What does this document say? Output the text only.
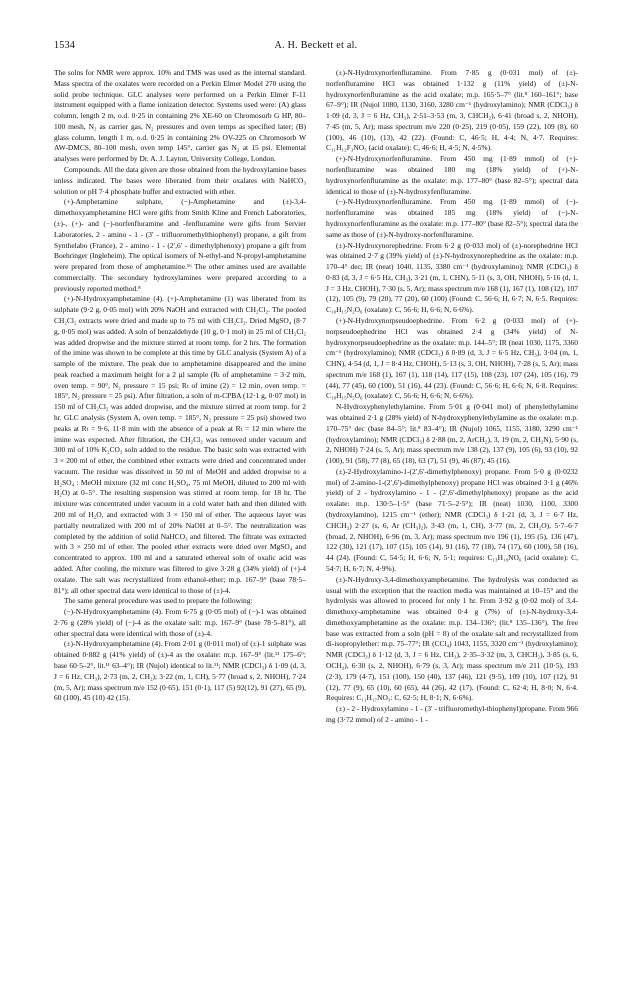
1534	A. H. Beckett et al.

The solns for NMR were approx. 10% and TMS was used as the internal standard. Mass spectra of the oxalates were recorded on a Perkin Elmer Model 270 using the solid probe technique. GLC analyses were performed on a Perkin Elmer F-11 instrument equipped with a flame ionization detector. Systems used were: (A) glass column, length 2 m, o.d. 0·25 in containing 2% XE-60 on Chromosorb G HP, 80–100 mesh, N₂ as carrier gas, N₂ pressures and oven temps as specified later; (B) glass column, length 1 m, o.d. 0·25 in containing 2% OV-225 on Chromosorb W AW-DMCS, 80–100 mesh, oven temp 145°, carrier gas N₂ at 15 psi. Elemental analyses were performed by Dr. A. J. Layton, University College, London.

Compounds. All the data given are those obtained from the hydroxylamine bases unless indicated. The bases were liberated from their oxalates with NaHCO₃ solution or pH 7·4 phosphate buffer and extracted with ether.

(+)-Amphetamine sulphate, (−)-Amphetamine and (±)-3,4-dimethoxyamphetamine HCl were gifts from Smith Kline and French Laboratories, (±)-, (+)- and (−)-norfenfluramine and -fenfluramine were gifts from Servier Laboratories, 2 - amino - 1 - (3′ - trifluoromethylthiophenyl) propane, a gift from Synthelabo (France), 2 - amino - 1 - (2′,6′ - dimethylphenoxy) propane a gift from Boehringer (Ingleheim). The optical isomers of N-ethyl-and N-propyl-amphetamine were prepared from those of amphetamine.¹⁶ The other amines used are available commercially. The secondary hydroxylamines were prepared according to a previously reported method.⁸

(+)-N-Hydroxyamphetamine (4). (+)-Amphetamine (1) was liberated from its sulphate (9·2 g, 0·05 mol) with 20% NaOH and extracted with CH₂Cl₂. The pooled CH₂Cl₂ extracts were dried and made up to 75 ml with CH₂Cl₂. Dried MgSO₄ (8·7 g, 0·05 mol) was added. A soln of benzaldehyde (10 g, 0·1 mol) in 25 ml of CH₂Cl₂ was added dropwise and the mixture stirred at room temp. for 2 hrs. The formation of the imine was shown to be complete at this time by GLC analysis (System A) of a sample of the mixture. The peak due to amphetamine disappeared and the imine peak reached a maximum height for a 2 µl sample (Rₜ of amphetamine = 3·2 min, oven temp. = 90°, N₂ pressure = 15 psi; Rₜ of imine (2) = 12 min, oven temp. = 185°, N₂ pressure = 25 psi). After filtration, a soln of m-CPBA (12·1 g, 0·07 mol) in 150 ml of CH₂Cl₂ was added dropwise, and the mixture stirred at room temp. for 2 hr. GLC analysis (System A, oven temp. = 185°, N₂ pressure = 25 psi) showed two peaks at Rₜ = 9·6, 11·8 min with the absence of a peak at Rₜ = 12 min where the imine was expected. After filtration, the CH₂Cl₂ was removed under vacuum and 300 ml of 10% K₂CO₃ soln added to the residue. The basic soln was extracted with 3 × 200 ml of ether, the combined ether extracts were dried and concentrated under vacuum. The residue was dissolved in 50 ml of MeOH and added dropwise to a H₂SO₄ : MeOH mixture (32 ml conc H₂SO₄, 75 ml MeOH, diluted to 200 ml with H₂O) at 0–5°. The resulting suspension was stirred at room temp. for 18 hr. The mixture was concentrated under vacuum in a cold water bath and then diluted with 200 ml of H₂O, and extracted with 3 × 150 ml of ether. The aqueous layer was partially neutralized with 200 ml of 20% NaOH at 0–5°. The neutralization was completed by the addition of solid NaHCO₃ and filtered. The filtrate was extracted with 3 × 250 ml of ether. The pooled ether extracts were dried over MgSO₄ and concentrated to approx. 100 ml and a saturated ethereal soln of oxalic acid was added. After cooling, the mixture was filtered to give 3·28 g (34% yield) of (+)-4 oxalate. The salt was recrystallized from ethanol-ether; m.p. 167–9° (base 78·5–81°); all other spectral data were identical to those of (±)-4.

The same general procedure was used to prepare the following:

(−)-N-Hydroxyamphetamine (4). From 6·75 g (0·05 mol) of (−)-1 was obtained 2·76 g (28% yield) of (−)-4 as the oxalate salt: m.p. 167–9° (base 78·5–81°), all other spectral data were identical with those of (±)-4.

(±)-N-Hydroxyamphetamine (4). From 2·01 g (0·011 mol) of (±)-1 sulphate was obtained 0·882 g (41% yield) of (±)-4 as the oxalate: m.p. 167–9° (lit.¹¹ 175–6°; base 60·5–2°, lit.¹¹ 63–4°); IR (Nujol) identical to lit.¹¹; NMR (CDCl₃) δ 1·09 (d, 3, J = 6 Hz, CH₃), 2·73 (m, 2, CH₂); 3·22 (m, 1, CH), 5·77 (broad s, 2, NHOH), 7·24 (m, 5, Ar); mass spectrum m/e 152 (0·65), 151 (0·1), 117 (5) 92(12), 91 (27), 65 (9), 60 (100), 45 (10) 42 (15).

(±)-N-Hydroxynorfenfluramine. From 7·85 g (0·031 mol) of (±)-norfenfluramine HCl was obtained 1·132 g (11% yield) of (±)-N-hydroxynorfenfluramine as the acid oxalate; m.p. 165·5–7° (lit.⁸ 160–161°; base 67–9°); IR (Nujol 1080, 1130, 3160, 3280 cm⁻¹ (hydroxylamino); NMR (CDCl₃) δ 1·09 (d, 3, J = 6 Hz, CH₃), 2·51–3·53 (m, 3, CHCH₂), 6·41 (broad s, 2, NHOH), 7·45 (m, 5, Ar); mass spectrum m/e 220 (0·25), 219 (0·05), 159 (22), 109 (8), 60 (100), 46 (10), (13), 42 (22). (Found: C, 46·5; H, 4·4; N, 4·7. Requires: C₁₁H₁₂F₃NO₅ (acid oxalate): C, 46·6; H, 4·5; N, 4·5%).

(+)-N-Hydroxynorfenfluramine. From 450 mg (1·89 mmol) of (+)-norfenfluramine was obtained 180 mg (18% yield) of (+)-N-hydroxynorfenfluramine as the oxalate: m.p. 177–80° (base 82–5°); spectral data identical to those of (±)-N-hydroxyfenfluramine.

(−)-N-Hydroxynorfenfluramine. From 450 mg (1·89 mmol) of (−)-norfenfluramine was obtained 185 mg (18% yield) of (−)-N-hydroxynorfenfluramine as the oxalate: m.p. 177–80° (base 82–5°); spectral data the same as those of (±)-N-hydroxy-norfenfluramine.

(±)-N-Hydroxynorephedrine. From 6·2 g (0·033 mol) of (±)-norephedrine HCl was obtained 2·7 g (39% yield) of (±)-N-hydroxynorephedrine as the oxalate: m.p. 170–4° dec; IR (neat) 1040, 1135, 3380 cm⁻¹ (hydroxylamino); NMR (CDCl₃) δ 0·83 (d, 3, J = 6·5 Hz, CH₃), 3·21 (m, 1, CHN), 5·11 (s, 3, OH, NHOH), 5·16 (d, 1, J = 3 Hz, CHOH), 7·30 (s, 5, Ar); mass spectrum m/e 168 (1), 167 (1), 108 (12), 107 (12), 105 (9), 79 (20), 77 (20), 60 (100) (Found: C, 56·6; H, 6·7; N, 6·5. Requires: C₁₀H₁₅N₂O₆ (oxalate): C, 56·6; H, 6·6; N, 6·6%).

(+)-N-Hydroxynorpseudoephedrine. From 6·2 g (0·033 mol) of (+)-norpseudoephedrine HCl was obtained 2·4 g (34% yield) of N-hydroxynorpseudoephedrine as the oxalate: m.p. 144–5°; IR (neat 1030, 1175, 3360 cm⁻¹ (hydroxylamino); NMR (CDCl₃) δ 0·89 (d, 3, J = 6·5 Hz, CH₃), 3·04 (m, 1, CHN), 4·54 (d, 1, J = 8·4 Hz, CHOH), 5·13 (s, 3, OH, NHOH), 7·28 (s, 5, Ar); mass spectrum m/e 168 (1), 167 (1), 118 (14), 117 (15), 108 (23), 107 (24), 105 (16), 79 (44), 77 (45), 60 (100), 51 (16), 44 (23). (Found: C, 56·6; H, 6·6; N, 6·8. Requires: C₁₀H₁₅N₂O₆ (oxalate): C, 56·6; H, 6·6; N, 6·6%).

N-Hydroxyphenylethylamine. From 5·01 g (0·041 mol) of phenylethylamine was obtained 2·1 g (28% yield) of N-hydroxyphenylethylamine as the oxalate: m.p. 170–75° dec (base 84–5°; lit.⁸ 83–4°); IR (Nujol) 1065, 1155, 3180, 3290 cm⁻¹ (hydroxylamino); NMR (CDCl₃) δ 2·88 (m, 2, ArCH₂), 3, 19 (m, 2, CH₂N), 5·90 (s, 2, NHOH) 7·24 (s, 5, Ar); mass spectrum m/e 138 (2), 137 (9), 105 (6), 93 (10), 92 (100), 91 (58), 77 (8), 65 (18), 63 (7), 51 (9), 46 (87), 45 (16).

(±)-2-Hydroxylamino-1-(2′,6′-dimethylphenoxy) propane. From 5·0 g (0·0232 mol) of 2-amino-1-(2′,6′)-dimethylphenoxy) propane HCl was obtained 3·1 g (46% yield) of 2 - hydroxylamino - 1 - (2′,6′-dimethylphenoxy) propane as the acid oxalate: m.p. 130·5–1·5° (base 71·5–2·5°); IR (neat) 1030, 1100, 3300 (hydroxylamino), 1215 cm⁻¹ (ether); NMR (CDCl₃) δ 1·21 (d, 3, J = 6·7 Hz, CHCH₃) 2·27 (s, 6, Ar (CH₃)₂), 3·43 (m, 1, CH), 3·77 (m, 2, CH₂O), 5·7–6·7 (broad, 2, NHOH), 6·96 (m, 3, Ar); mass spectrum m/e 196 (1), 195 (5), 136 (47), 122 (30), 121 (17), 107 (15), 105 (14), 91 (16), 77 (18), 74 (17), 60 (100), 58 (16), 44 (24). (Found: C, 54·5; H, 6·6; N, 5·1; requires: C₁₃H₁₉NO₆ (acid oxalate): C, 54·7; H, 6·7; N, 4·9%).

(±)-N-Hydroxy-3,4-dimethoxyamphetamine. The hydrolysis was conducted as usual with the exception that the reaction media was maintained at 10–15° and the hydrolysis was allowed to proceed for only 1 hr. From 3·92 g (0·02 mol) of 3,4-dimethoxy-amphetamine was obtained 0·4 g (7%) of (±)-N-hydroxy-3,4-dimethoxyamphetamine as the oxalate: m.p. 134–136°; (lit.⁸ 135–136°). The free base was extracted from a soln (pH = 8) of the oxalate salt and recrystallized from di-isopropylether: m.p. 75–77°; IR (CCl₄) 1043, 1155, 3320 cm⁻¹ (hydroxylamino); NMR (CDCl₃) δ 1·12 (d, 3, J = 6 Hz, CH₃), 2·35–3·32 (m, 3, CHCH₂), 3·85 (s, 6, OCH₃), 6·30 (s, 2, NHOH), 6·79 (s, 3, Ar); mass spectrum m/e 211 (10·5), 193 (2·3), 179 (4·7), 151 (100), 150 (40), 137 (46), 121 (9·5), 109 (10), 107 (12), 91 (12), 77 (9), 65 (10), 60 (65), 44 (26), 42 (17). (Found: C, 62·4; H, 8·0; N, 6·4. Requires: C₁₁H₁₇NO₃: C, 62·5; H, 8·1; N, 6·6%).

(±) - 2 - Hydroxylamino - 1 - (3′ - trifluoromethyl-thiophenyl)propane. From 966 mg (3·72 mmol) of 2 - amino - 1 -
